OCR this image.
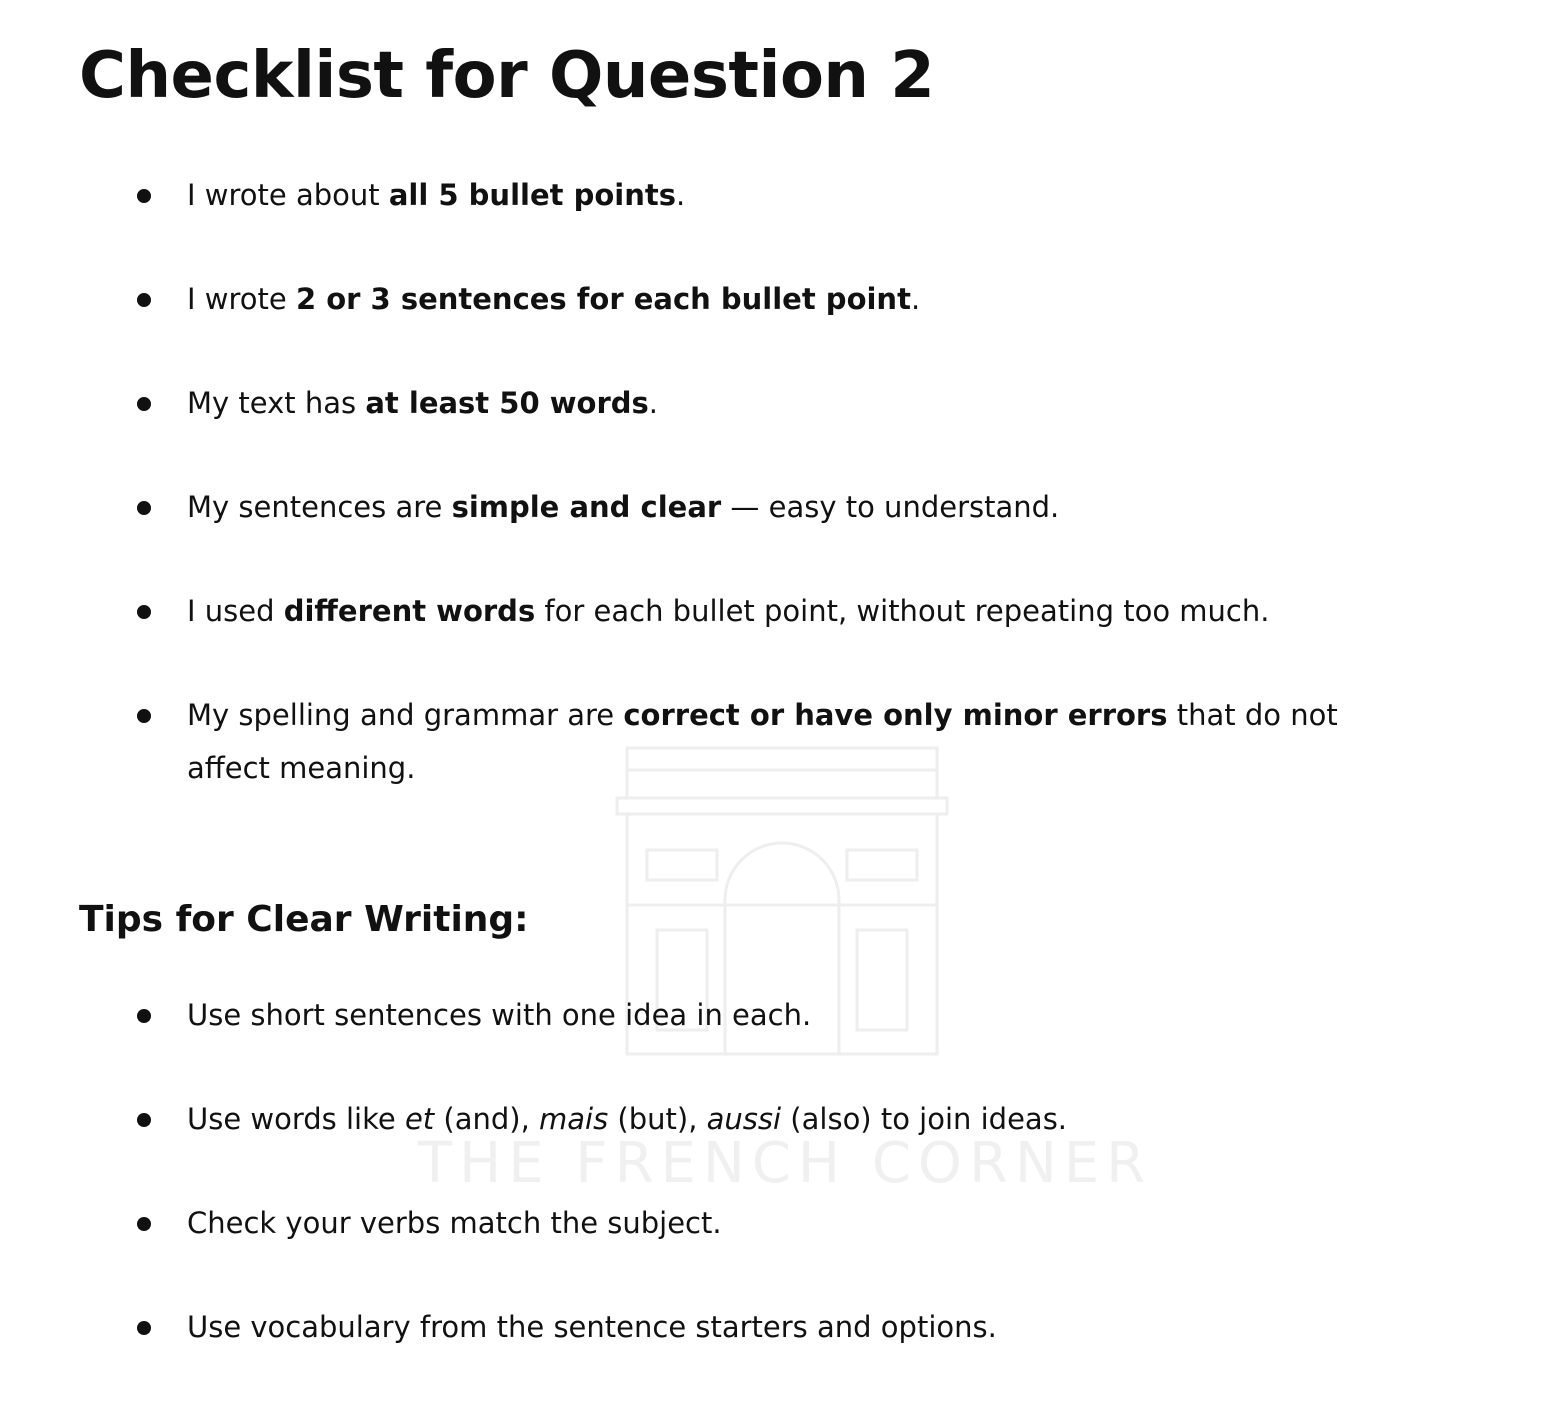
THE FRENCH CORNER
Checklist for Question 2
I wrote about all 5 bullet points.
I wrote 2 or 3 sentences for each bullet point.
My text has at least 50 words.
My sentences are simple and clear — easy to understand.
I used different words for each bullet point, without repeating too much.
My spelling and grammar are correct or have only minor errors that do not affect meaning.
Tips for Clear Writing:
Use short sentences with one idea in each.
Use words like et (and), mais (but), aussi (also) to join ideas.
Check your verbs match the subject.
Use vocabulary from the sentence starters and options.
